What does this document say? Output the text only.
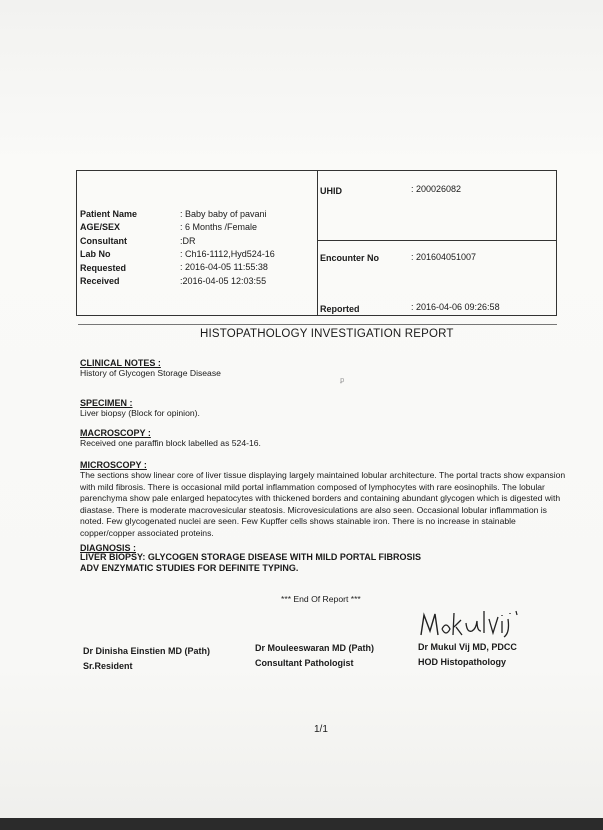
Patient Name	: Baby baby of pavani
AGE/SEX	: 6 Months /Female
Consultant	:DR
Lab No	: Ch16-1112,Hyd524-16
Requested	: 2016-04-05 11:55:38
Received	:2016-04-05 12:03:55
UHID	: 200026082
Encounter No	: 201604051007
Reported	: 2016-04-06 09:26:58
HISTOPATHOLOGY INVESTIGATION REPORT
CLINICAL NOTES :
History of Glycogen Storage Disease
ꝑ
SPECIMEN :
Liver biopsy (Block for opinion).
MACROSCOPY :
Received one paraffin block labelled as 524-16.
MICROSCOPY :
The sections show linear core of liver tissue displaying largely maintained lobular architecture. The portal tracts show expansion with mild fibrosis. There is occasional mild portal inflammation composed of lymphocytes with rare eosinophils. The lobular parenchyma show pale enlarged hepatocytes with thickened borders and containing abundant glycogen which is digested with diastase. There is moderate macrovesicular steatosis. Microvesiculations are also seen. Occasional lobular inflammation is noted. Few glycogenated nuclei are seen. Few Kupffer cells shows stainable iron. There is no increase in stainable copper/copper associated proteins.
DIAGNOSIS :
LIVER BIOPSY: GLYCOGEN STORAGE DISEASE WITH MILD PORTAL FIBROSIS
ADV ENZYMATIC STUDIES FOR DEFINITE TYPING.
*** End Of Report ***
Dr Dinisha Einstien MD (Path)
Sr.Resident
Dr Mouleeswaran MD (Path)
Consultant Pathologist
Dr Mukul Vij MD, PDCC
HOD Histopathology
1/1
